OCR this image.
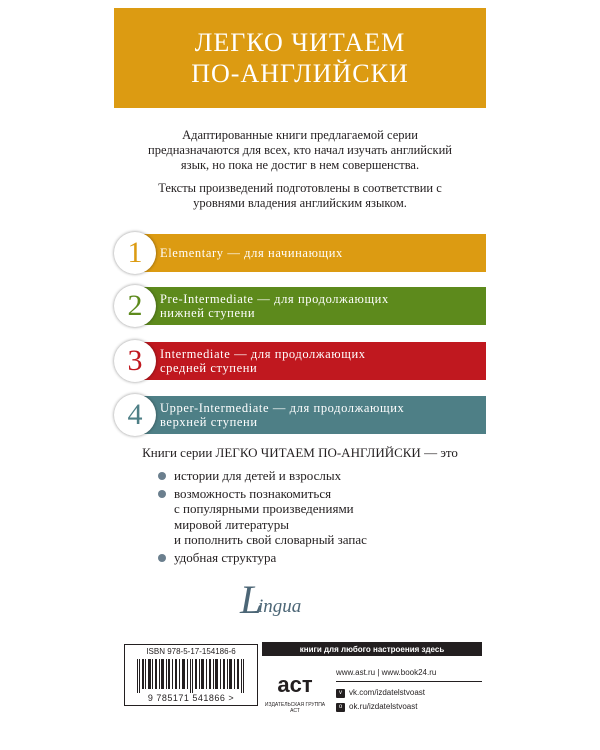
ЛЕГКО ЧИТАЕМ
ПО-АНГЛИЙСКИ

Адаптированные книги предлагаемой серии предназначаются для всех, кто начал изучать английский язык, но пока не достиг в нем совершенства.

Тексты произведений подготовлены в соответствии с уровнями владения английским языком.

1 Elementary — для начинающих
2 Pre-Intermediate — для продолжающих
нижней ступени
3 Intermediate — для продолжающих
средней ступени
4 Upper-Intermediate — для продолжающих
верхней ступени
Книги серии ЛЕГКО ЧИТАЕМ ПО-АНГЛИЙСКИ — это
истории для детей и взрослых
возможность познакомиться
с популярными произведениями
мировой литературы
и пополнить свой словарный запас
удобная структура
L
ingua
ISBN 978-5-17-154186-6
9 785171 541866 >
книги для любого настроения здесь
аст
ИЗДАТЕЛЬСКАЯ ГРУППА АСТ
www.ast.ru | www.book24.ru
v vk.com/izdatelstvoast
o ok.ru/izdatelstvoast
